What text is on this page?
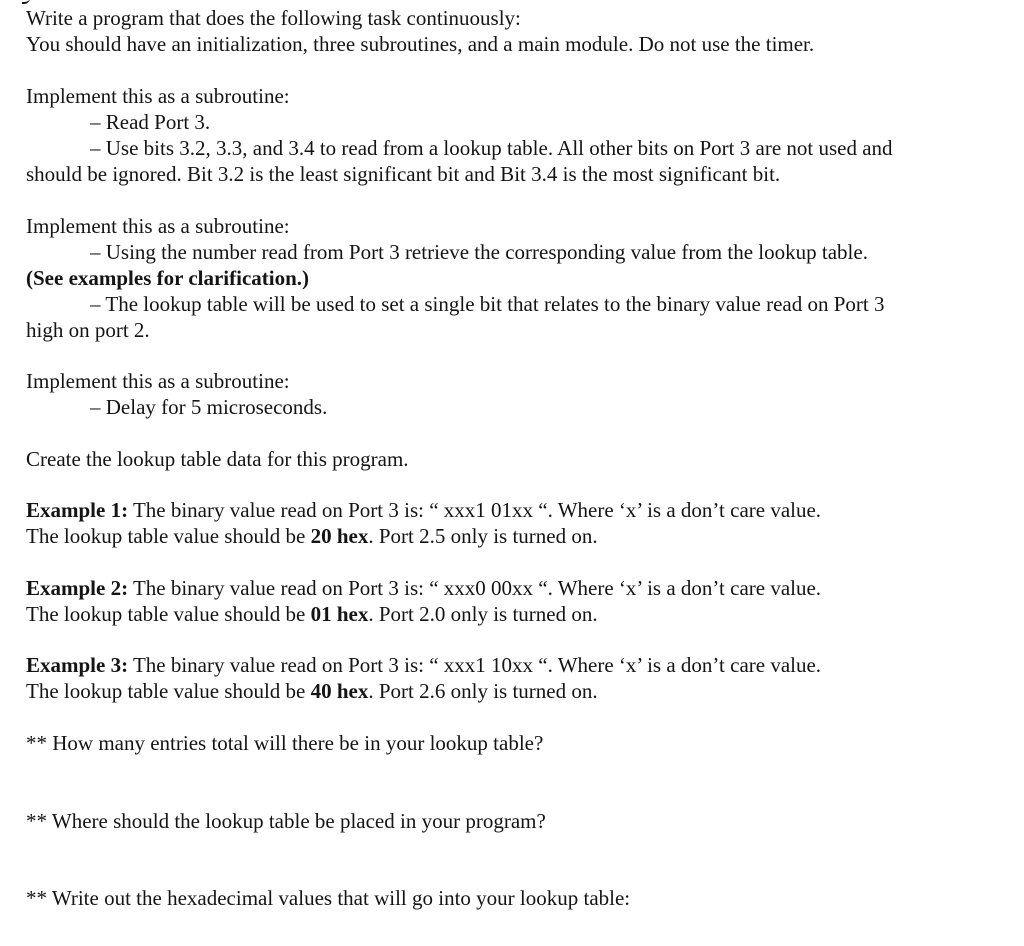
Write a program that does the following task continuously:
You should have an initialization, three subroutines, and a main module. Do not use the timer.
Implement this as a subroutine:
– Read Port 3.
– Use bits 3.2, 3.3, and 3.4 to read from a lookup table. All other bits on Port 3 are not used and
should be ignored. Bit 3.2 is the least significant bit and Bit 3.4 is the most significant bit.
Implement this as a subroutine:
– Using the number read from Port 3 retrieve the corresponding value from the lookup table.
(See examples for clarification.)
– The lookup table will be used to set a single bit that relates to the binary value read on Port 3
high on port 2.
Implement this as a subroutine:
– Delay for 5 microseconds.
Create the lookup table data for this program.
Example 1: The binary value read on Port 3 is: “ xxx1 01xx “. Where ‘x’ is a don’t care value.
The lookup table value should be 20 hex. Port 2.5 only is turned on.
Example 2: The binary value read on Port 3 is: “ xxx0 00xx “. Where ‘x’ is a don’t care value.
The lookup table value should be 01 hex. Port 2.0 only is turned on.
Example 3: The binary value read on Port 3 is: “ xxx1 10xx “. Where ‘x’ is a don’t care value.
The lookup table value should be 40 hex. Port 2.6 only is turned on.
** How many entries total will there be in your lookup table?
** Where should the lookup table be placed in your program?
** Write out the hexadecimal values that will go into your lookup table:
